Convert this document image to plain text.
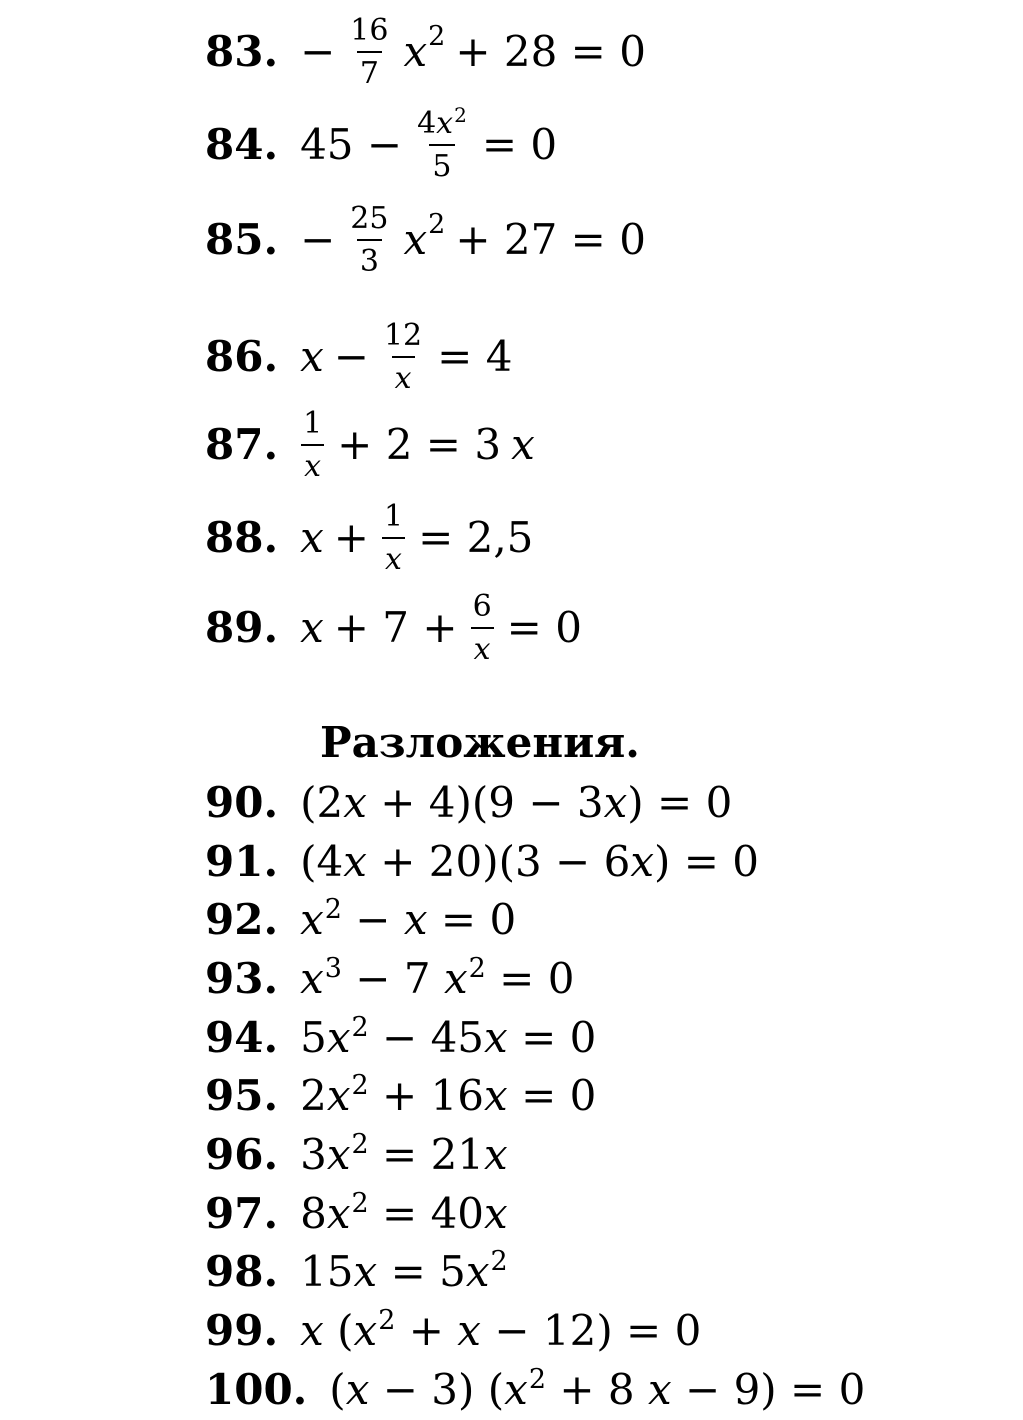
83. − $\frac{16}{7} x^2 + 28 = 0$
84. $45 - \frac{4x^2}{5} = 0$
85. − $\frac{25}{3} x^2 + 27 = 0$
86. $x - \frac{12}{x} = 4$
87. $\frac{1}{x} + 2 = 3$ x
88. $x + \frac{1}{x} = 2,5$
89. $x + 7 + \frac{6}{x} = 0$
Разложения.
90. (2x + 4)(9 − 3x) = 0
91. (4x + 20)(3 − 6x) = 0
92. $x^2 - x = 0$
93. $x^3 - 7$ $x^2 = 0$
94. $5x^2 - 45x = 0$
95. $2x^2 + 16x = 0$
96. $3x^2 = 21x$
97. $8x^2 = 40x$
98. $15x = 5x^2$
99. x $(x^2 + x - 12) = 0$
100. (x − 3) ($x^2 + 8$ x − 9) = 0
